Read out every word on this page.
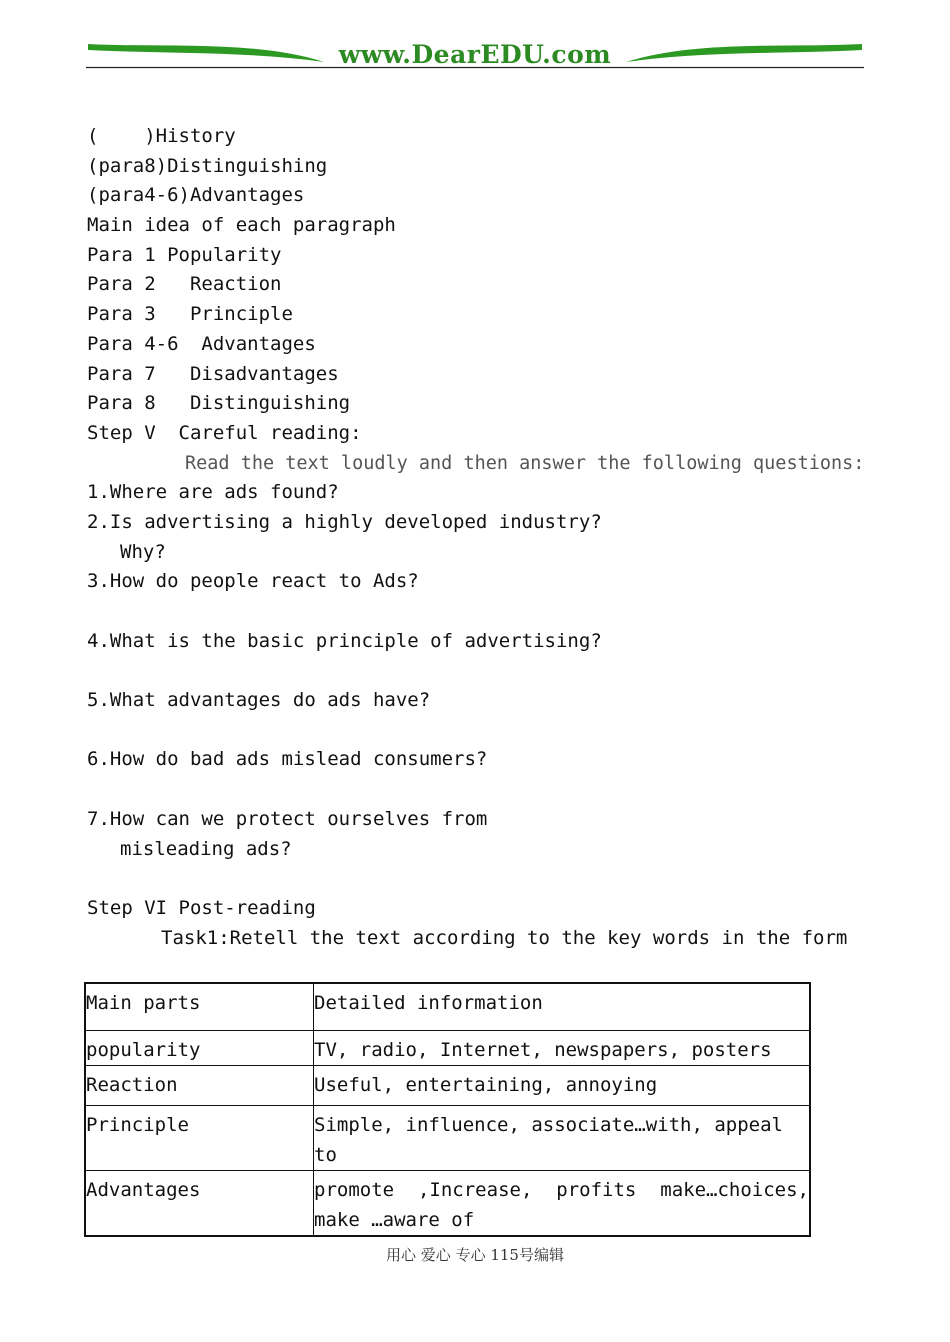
www.DearEDU.com
(    )History
(para8)Distinguishing
(para4-6)Advantages
Main idea of each paragraph
Para 1 Popularity
Para 2   Reaction
Para 3   Principle
Para 4-6  Advantages
Para 7   Disadvantages
Para 8   Distinguishing
Step V  Careful reading:
Read the text loudly and then answer the following questions:
1.Where are ads found?
2.Is advertising a highly developed industry?
Why?
3.How do people react to Ads?
4.What is the basic principle of advertising?
5.What advantages do ads have?
6.How do bad ads mislead consumers?
7.How can we protect ourselves from
misleading ads?
Step VI Post-reading
Task1:Retell the text according to the key words in the form
Main parts	Detailed information
popularity	TV, radio, Internet, newspapers, posters
Reaction	Useful, entertaining, annoying
Principle	Simple, influence, associate…with, appeal to
Advantages	promote ,Increase, profits make…choices,
make …aware of
用心 爱心 专心 115号编辑
